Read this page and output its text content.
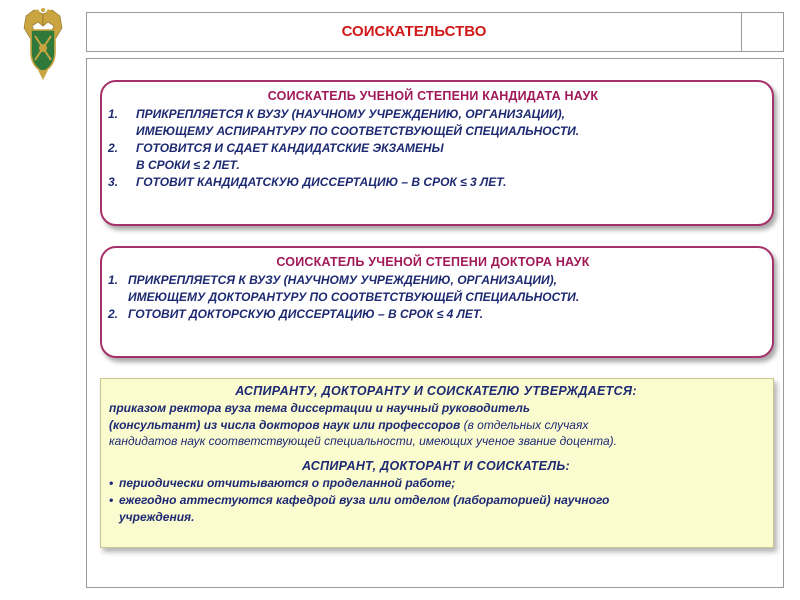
СОИСКАТЕЛЬСТВО
СОИСКАТЕЛЬ УЧЕНОЙ СТЕПЕНИ КАНДИДАТА НАУК
1.	ПРИКРЕПЛЯЕТСЯ К ВУЗУ (НАУЧНОМУ УЧРЕЖДЕНИЮ, ОРГАНИЗАЦИИ),
ИМЕЮЩЕМУ АСПИРАНТУРУ ПО СООТВЕТСТВУЮЩЕЙ СПЕЦИАЛЬНОСТИ.
2.	ГОТОВИТСЯ И СДАЕТ КАНДИДАТСКИЕ ЭКЗАМЕНЫ
В СРОКИ ≤ 2 ЛЕТ.
3.	ГОТОВИТ КАНДИДАТСКУЮ ДИССЕРТАЦИЮ – В СРОК ≤ 3 ЛЕТ.
СОИСКАТЕЛЬ УЧЕНОЙ СТЕПЕНИ ДОКТОРА НАУК
1. ПРИКРЕПЛЯЕТСЯ К ВУЗУ (НАУЧНОМУ УЧРЕЖДЕНИЮ, ОРГАНИЗАЦИИ),
ИМЕЮЩЕМУ ДОКТОРАНТУРУ ПО СООТВЕТСТВУЮЩЕЙ СПЕЦИАЛЬНОСТИ.
2. ГОТОВИТ ДОКТОРСКУЮ ДИССЕРТАЦИЮ – В СРОК ≤ 4 ЛЕТ.
АСПИРАНТУ, ДОКТОРАНТУ И СОИСКАТЕЛЮ УТВЕРЖДАЕТСЯ:
приказом ректора вуза тема диссертации и научный руководитель
(консультант) из числа докторов наук или профессоров (в отдельных случаях
кандидатов наук соответствующей специальности, имеющих ученое звание доцента).
АСПИРАНТ, ДОКТОРАНТ И СОИСКАТЕЛЬ:
• периодически отчитываются о проделанной работе;
• ежегодно аттестуются кафедрой вуза или отделом (лабораторией) научного
учреждения.
